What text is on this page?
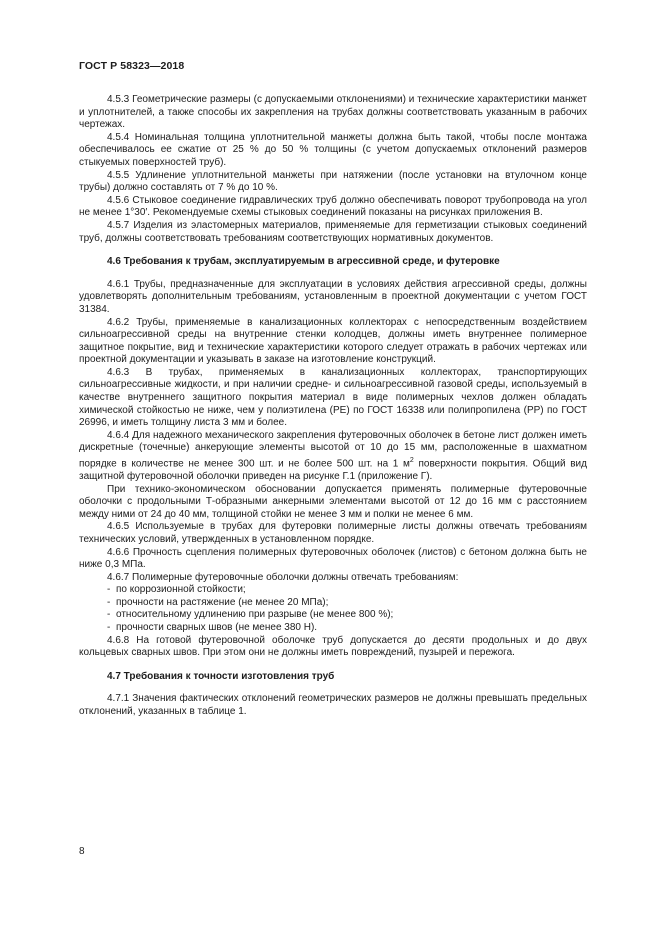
ГОСТ Р 58323—2018

4.5.3 Геометрические размеры (с допускаемыми отклонениями) и технические характеристики манжет и уплотнителей, а также способы их закрепления на трубах должны соответствовать указанным в рабочих чертежах.

4.5.4 Номинальная толщина уплотнительной манжеты должна быть такой, чтобы после монтажа обеспечивалось ее сжатие от 25 % до 50 % толщины (с учетом допускаемых отклонений размеров стыкуемых поверхностей труб).

4.5.5 Удлинение уплотнительной манжеты при натяжении (после установки на втулочном конце трубы) должно составлять от 7 % до 10 %.

4.5.6 Стыковое соединение гидравлических труб должно обеспечивать поворот трубопровода на угол не менее 1°30′. Рекомендуемые схемы стыковых соединений показаны на рисунках приложения В.

4.5.7 Изделия из эластомерных материалов, применяемые для герметизации стыковых соединений труб, должны соответствовать требованиям соответствующих нормативных документов.

4.6 Требования к трубам, эксплуатируемым в агрессивной среде, и футеровке

4.6.1 Трубы, предназначенные для эксплуатации в условиях действия агрессивной среды, должны удовлетворять дополнительным требованиям, установленным в проектной документации с учетом ГОСТ 31384.

4.6.2 Трубы, применяемые в канализационных коллекторах с непосредственным воздействием сильноагрессивной среды на внутренние стенки колодцев, должны иметь внутреннее полимерное защитное покрытие, вид и технические характеристики которого следует отражать в рабочих чертежах или проектной документации и указывать в заказе на изготовление конструкций.

4.6.3 В трубах, применяемых в канализационных коллекторах, транспортирующих сильноагрессивные жидкости, и при наличии средне- и сильноагрессивной газовой среды, используемый в качестве внутреннего защитного покрытия материал в виде полимерных чехлов должен обладать химической стойкостью не ниже, чем у полиэтилена (PE) по ГОСТ 16338 или полипропилена (PP) по ГОСТ 26996, и иметь толщину листа 3 мм и более.

4.6.4 Для надежного механического закрепления футеровочных оболочек в бетоне лист должен иметь дискретные (точечные) анкерующие элементы высотой от 10 до 15 мм, расположенные в шахматном порядке в количестве не менее 300 шт. и не более 500 шт. на 1 $м^2$ поверхности покрытия. Общий вид защитной футеровочной оболочки приведен на рисунке Г.1 (приложение Г).

При технико-экономическом обосновании допускается применять полимерные футеровочные оболочки с продольными Т-образными анкерными элементами высотой от 12 до 16 мм с расстоянием между ними от 24 до 40 мм, толщиной стойки не менее 3 мм и полки не менее 6 мм.

4.6.5 Используемые в трубах для футеровки полимерные листы должны отвечать требованиям технических условий, утвержденных в установленном порядке.

4.6.6 Прочность сцепления полимерных футеровочных оболочек (листов) с бетоном должна быть не ниже 0,3 МПа.

4.6.7 Полимерные футеровочные оболочки должны отвечать требованиям:

- по коррозионной стойкости;
- прочности на растяжение (не менее 20 МПа);
- относительному удлинению при разрыве (не менее 800 %);
- прочности сварных швов (не менее 380 Н).

4.6.8 На готовой футеровочной оболочке труб допускается до десяти продольных и до двух кольцевых сварных швов. При этом они не должны иметь повреждений, пузырей и пережога.

4.7 Требования к точности изготовления труб

4.7.1 Значения фактических отклонений геометрических размеров не должны превышать предельных отклонений, указанных в таблице 1.

8
